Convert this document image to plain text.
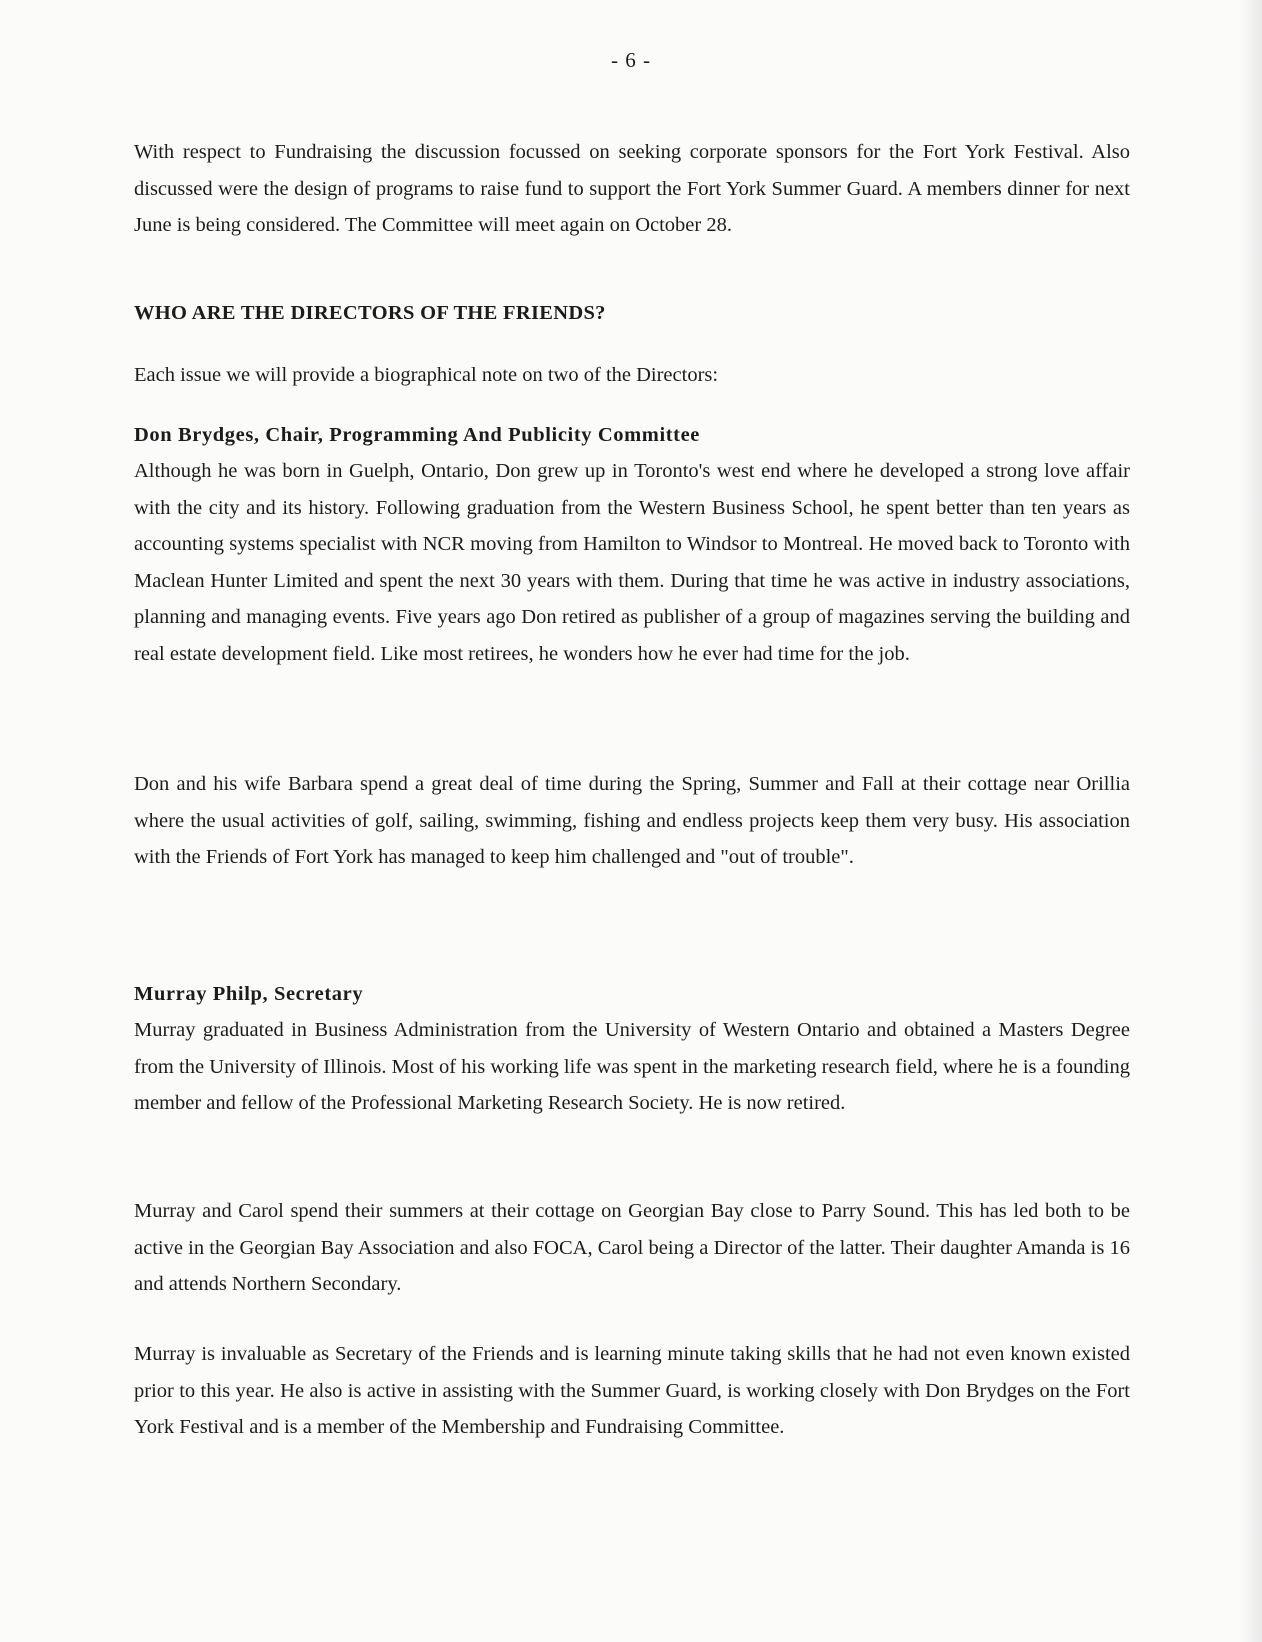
- 6 -

With respect to Fundraising the discussion focussed on seeking corporate sponsors for the Fort York Festival. Also discussed were the design of programs to raise fund to support the Fort York Summer Guard. A members dinner for next June is being considered. The Committee will meet again on October 28.

WHO ARE THE DIRECTORS OF THE FRIENDS?

Each issue we will provide a biographical note on two of the Directors:

Don Brydges, Chair, Programming And Publicity Committee

Although he was born in Guelph, Ontario, Don grew up in Toronto's west end where he developed a strong love affair with the city and its history. Following graduation from the Western Business School, he spent better than ten years as accounting systems specialist with NCR moving from Hamilton to Windsor to Montreal. He moved back to Toronto with Maclean Hunter Limited and spent the next 30 years with them. During that time he was active in industry associations, planning and managing events. Five years ago Don retired as publisher of a group of magazines serving the building and real estate development field. Like most retirees, he wonders how he ever had time for the job.

Don and his wife Barbara spend a great deal of time during the Spring, Summer and Fall at their cottage near Orillia where the usual activities of golf, sailing, swimming, fishing and endless projects keep them very busy. His association with the Friends of Fort York has managed to keep him challenged and "out of trouble".

Murray Philp, Secretary

Murray graduated in Business Administration from the University of Western Ontario and obtained a Masters Degree from the University of Illinois. Most of his working life was spent in the marketing research field, where he is a founding member and fellow of the Professional Marketing Research Society. He is now retired.

Murray and Carol spend their summers at their cottage on Georgian Bay close to Parry Sound. This has led both to be active in the Georgian Bay Association and also FOCA, Carol being a Director of the latter. Their daughter Amanda is 16 and attends Northern Secondary.

Murray is invaluable as Secretary of the Friends and is learning minute taking skills that he had not even known existed prior to this year. He also is active in assisting with the Summer Guard, is working closely with Don Brydges on the Fort York Festival and is a member of the Membership and Fundraising Committee.
